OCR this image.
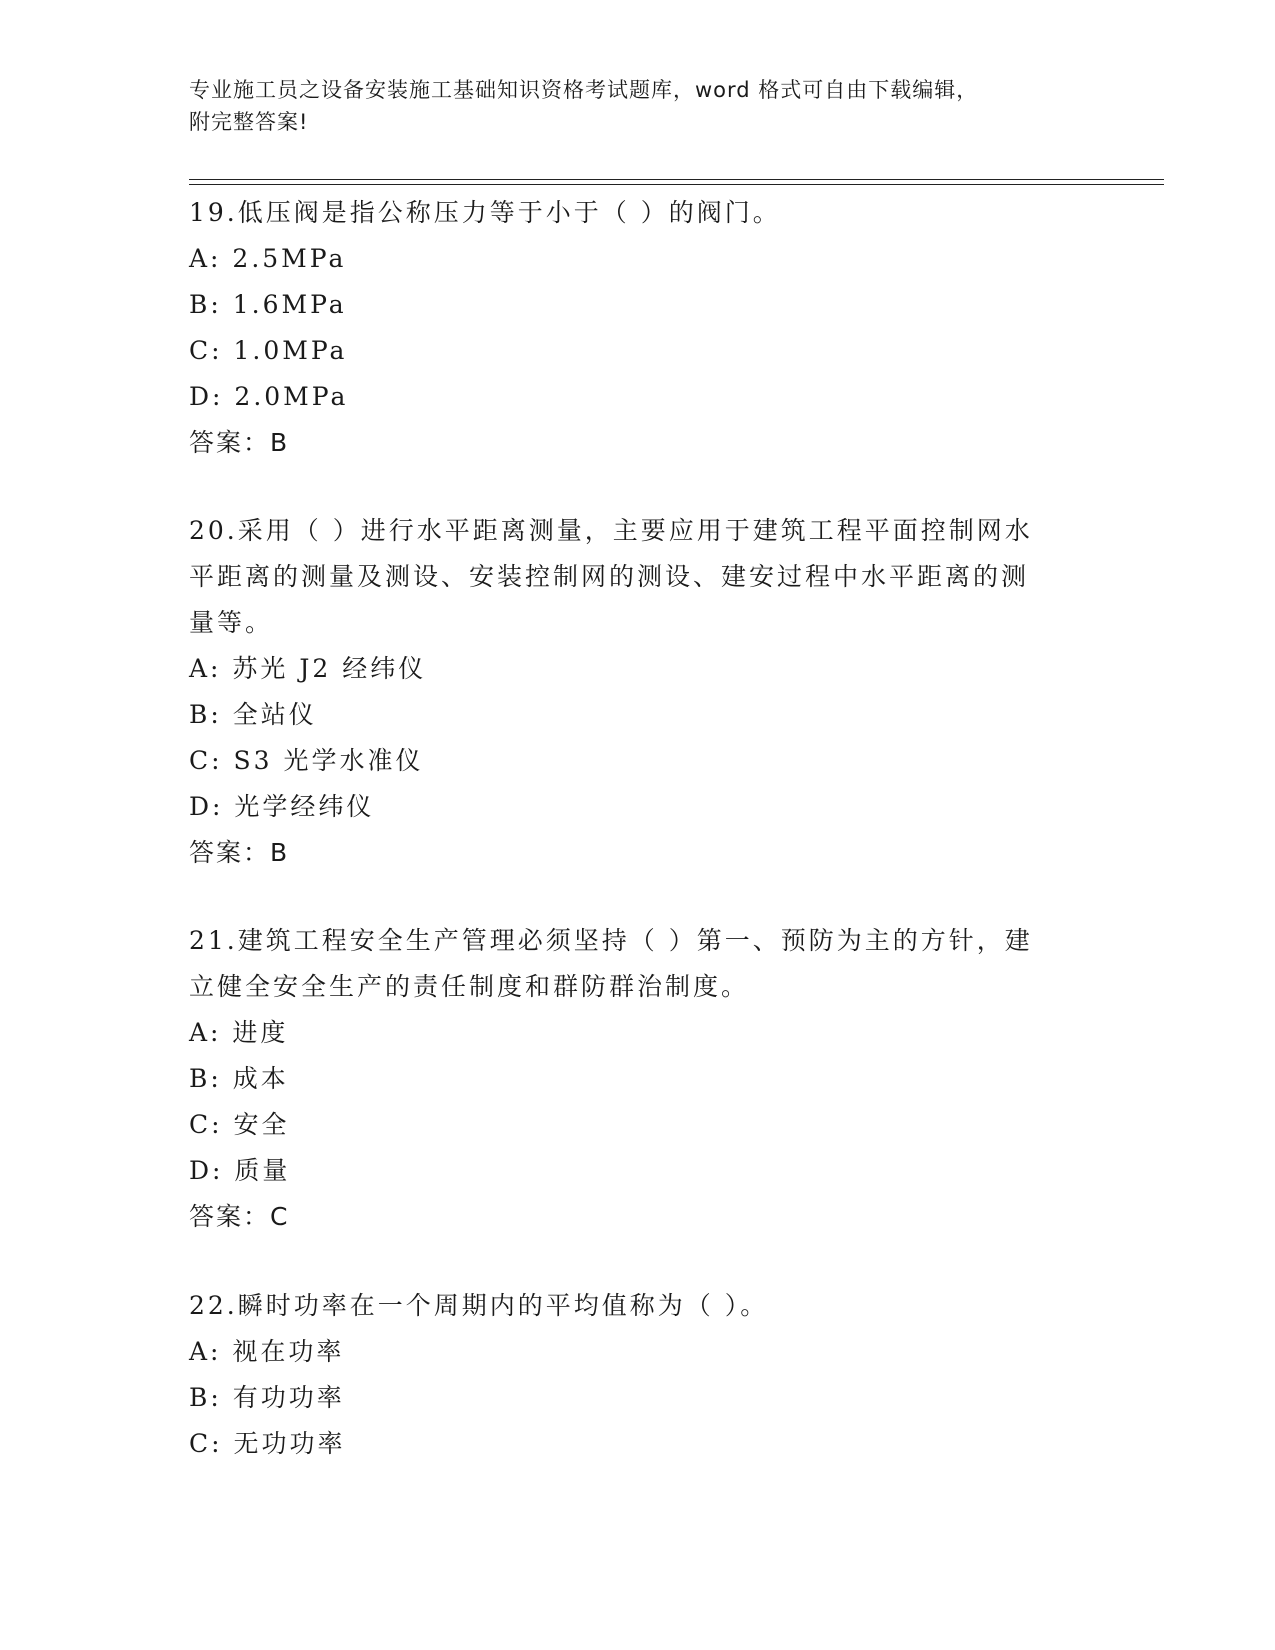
专业施工员之设备安装施工基础知识资格考试题库，word 格式可自由下载编辑，
附完整答案!
19.低压阀是指公称压力等于小于（ ）的阀门。
A: 2.5MPa
B: 1.6MPa
C: 1.0MPa
D: 2.0MPa
答案：B
20.采用（ ）进行水平距离测量，主要应用于建筑工程平面控制网水
平距离的测量及测设、安装控制网的测设、建安过程中水平距离的测
量等。
A: 苏光 J2 经纬仪
B: 全站仪
C: S3 光学水准仪
D: 光学经纬仪
答案：B
21.建筑工程安全生产管理必须坚持（ ）第一、预防为主的方针，建
立健全安全生产的责任制度和群防群治制度。
A: 进度
B: 成本
C: 安全
D: 质量
答案：C
22.瞬时功率在一个周期内的平均值称为（ ）。
A: 视在功率
B: 有功功率
C: 无功功率
